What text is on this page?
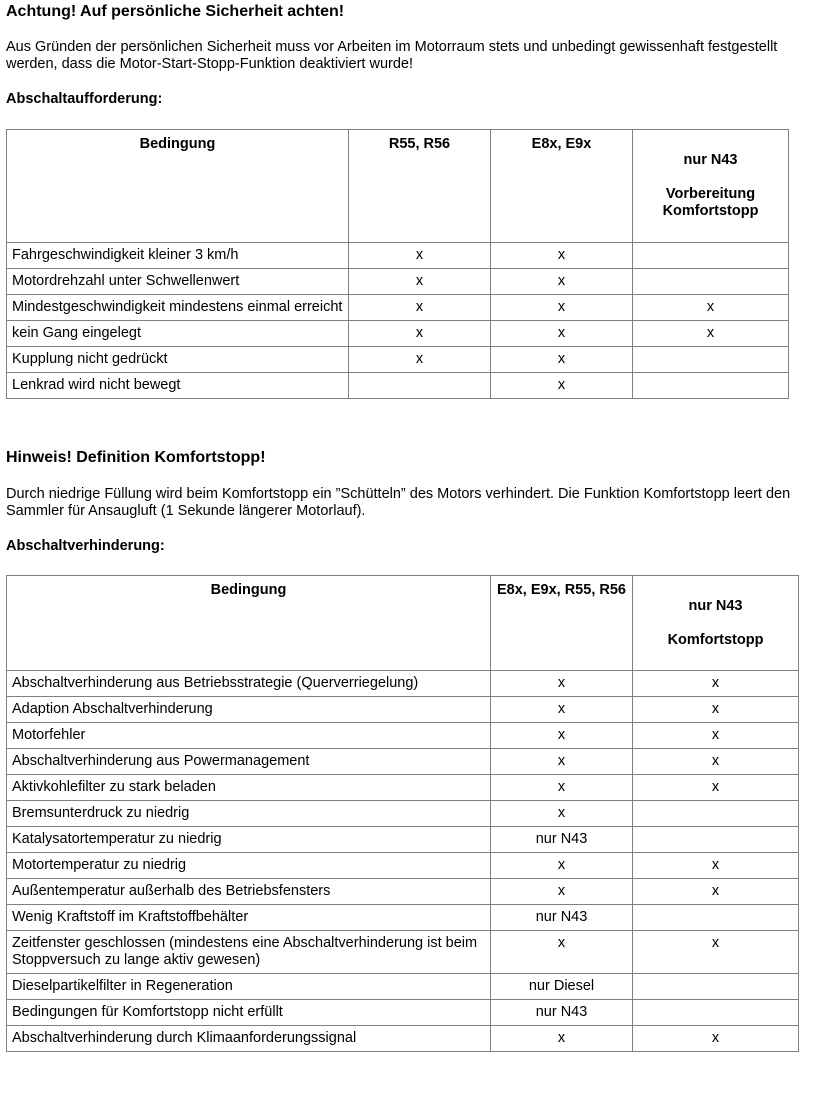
Achtung! Auf persönliche Sicherheit achten!

Aus Gründen der persönlichen Sicherheit muss vor Arbeiten im Motorraum stets und unbedingt gewissenhaft festgestellt werden, dass die Motor-Start-Stopp-Funktion deaktiviert wurde!

Abschaltaufforderung:
Bedingung	R55, R56	E8x, E9x	nur N43
Vorbereitung Komfortstopp

Fahrgeschwindigkeit kleiner 3 km/h	x	x	
Motordrehzahl unter Schwellenwert	x	x	
Mindestgeschwindigkeit mindestens einmal erreicht	x	x	x
kein Gang eingelegt	x	x	x
Kupplung nicht gedrückt	x	x	
Lenkrad wird nicht bewegt		x	
Hinweis! Definition Komfortstopp!

Durch niedrige Füllung wird beim Komfortstopp ein ”Schütteln” des Motors verhindert. Die Funktion Komfortstopp leert den Sammler für Ansaugluft (1 Sekunde längerer Motorlauf).

Abschaltverhinderung:
Bedingung	E8x, E9x, R55, R56	nur N43
Komfortstopp

Abschaltverhinderung aus Betriebsstrategie (Querverriegelung)	x	x
Adaption Abschaltverhinderung	x	x
Motorfehler	x	x
Abschaltverhinderung aus Powermanagement	x	x
Aktivkohlefilter zu stark beladen	x	x
Bremsunterdruck zu niedrig	x	
Katalysatortemperatur zu niedrig	nur N43	
Motortemperatur zu niedrig	x	x
Außentemperatur außerhalb des Betriebsfensters	x	x
Wenig Kraftstoff im Kraftstoffbehälter	nur N43	
Zeitfenster geschlossen (mindestens eine Abschaltverhinderung ist beim Stoppversuch zu lange aktiv gewesen)	x	x
Dieselpartikelfilter in Regeneration	nur Diesel	
Bedingungen für Komfortstopp nicht erfüllt	nur N43	
Abschaltverhinderung durch Klimaanforderungssignal	x	x
